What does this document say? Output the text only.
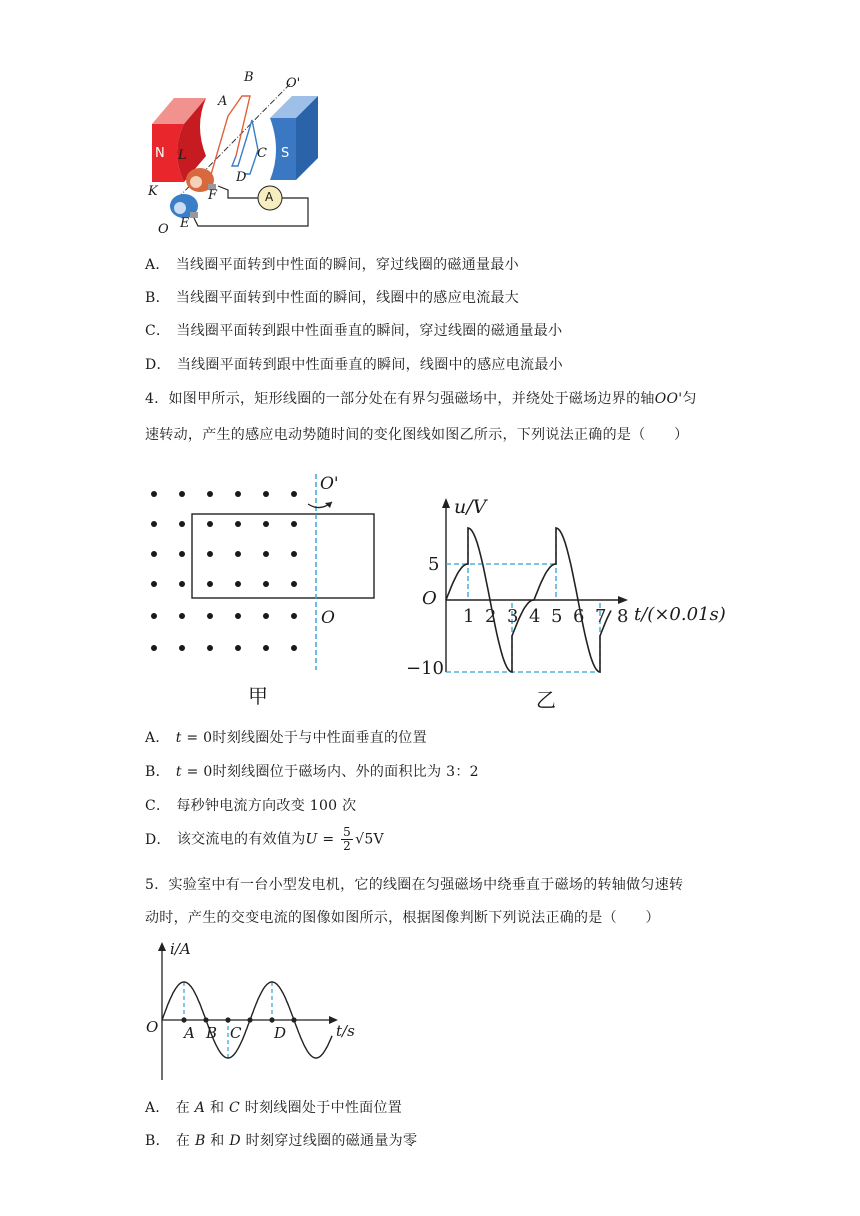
B O'
A
N L	C S
D
K	F	A
E
O
A． 当线圈平面转到中性面的瞬间，穿过线圈的磁通量最小
B． 当线圈平面转到中性面的瞬间，线圈中的感应电流最大
C． 当线圈平面转到跟中性面垂直的瞬间，穿过线圈的磁通量最小
D． 当线圈平面转到跟中性面垂直的瞬间，线圈中的感应电流最小
4．如图甲所示，矩形线圈的一部分处在有界匀强磁场中，并绕处于磁场边界的轴OO'匀
速转动，产生的感应电动势随时间的变化图线如图乙所示，下列说法正确的是（　　）
O'
O
甲
1 2 3 4 5 6 7 8
u/V
t/(×0.01s)
O
5
−10
乙
A． t = 0时刻线圈处于与中性面垂直的位置
B． t = 0时刻线圈位于磁场内、外的面积比为 3：2
C． 每秒钟电流方向改变 100 次
D． 该交流电的有效值为$U = \frac{5}{2} √5V$
5．实验室中有一台小型发电机，它的线圈在匀强磁场中绕垂直于磁场的转轴做匀速转
动时，产生的交变电流的图像如图所示，根据图像判断下列说法正确的是（　　）
i/A
t/s
O A B C D
A． 在 A 和 C 时刻线圈处于中性面位置
B． 在 B 和 D 时刻穿过线圈的磁通量为零
